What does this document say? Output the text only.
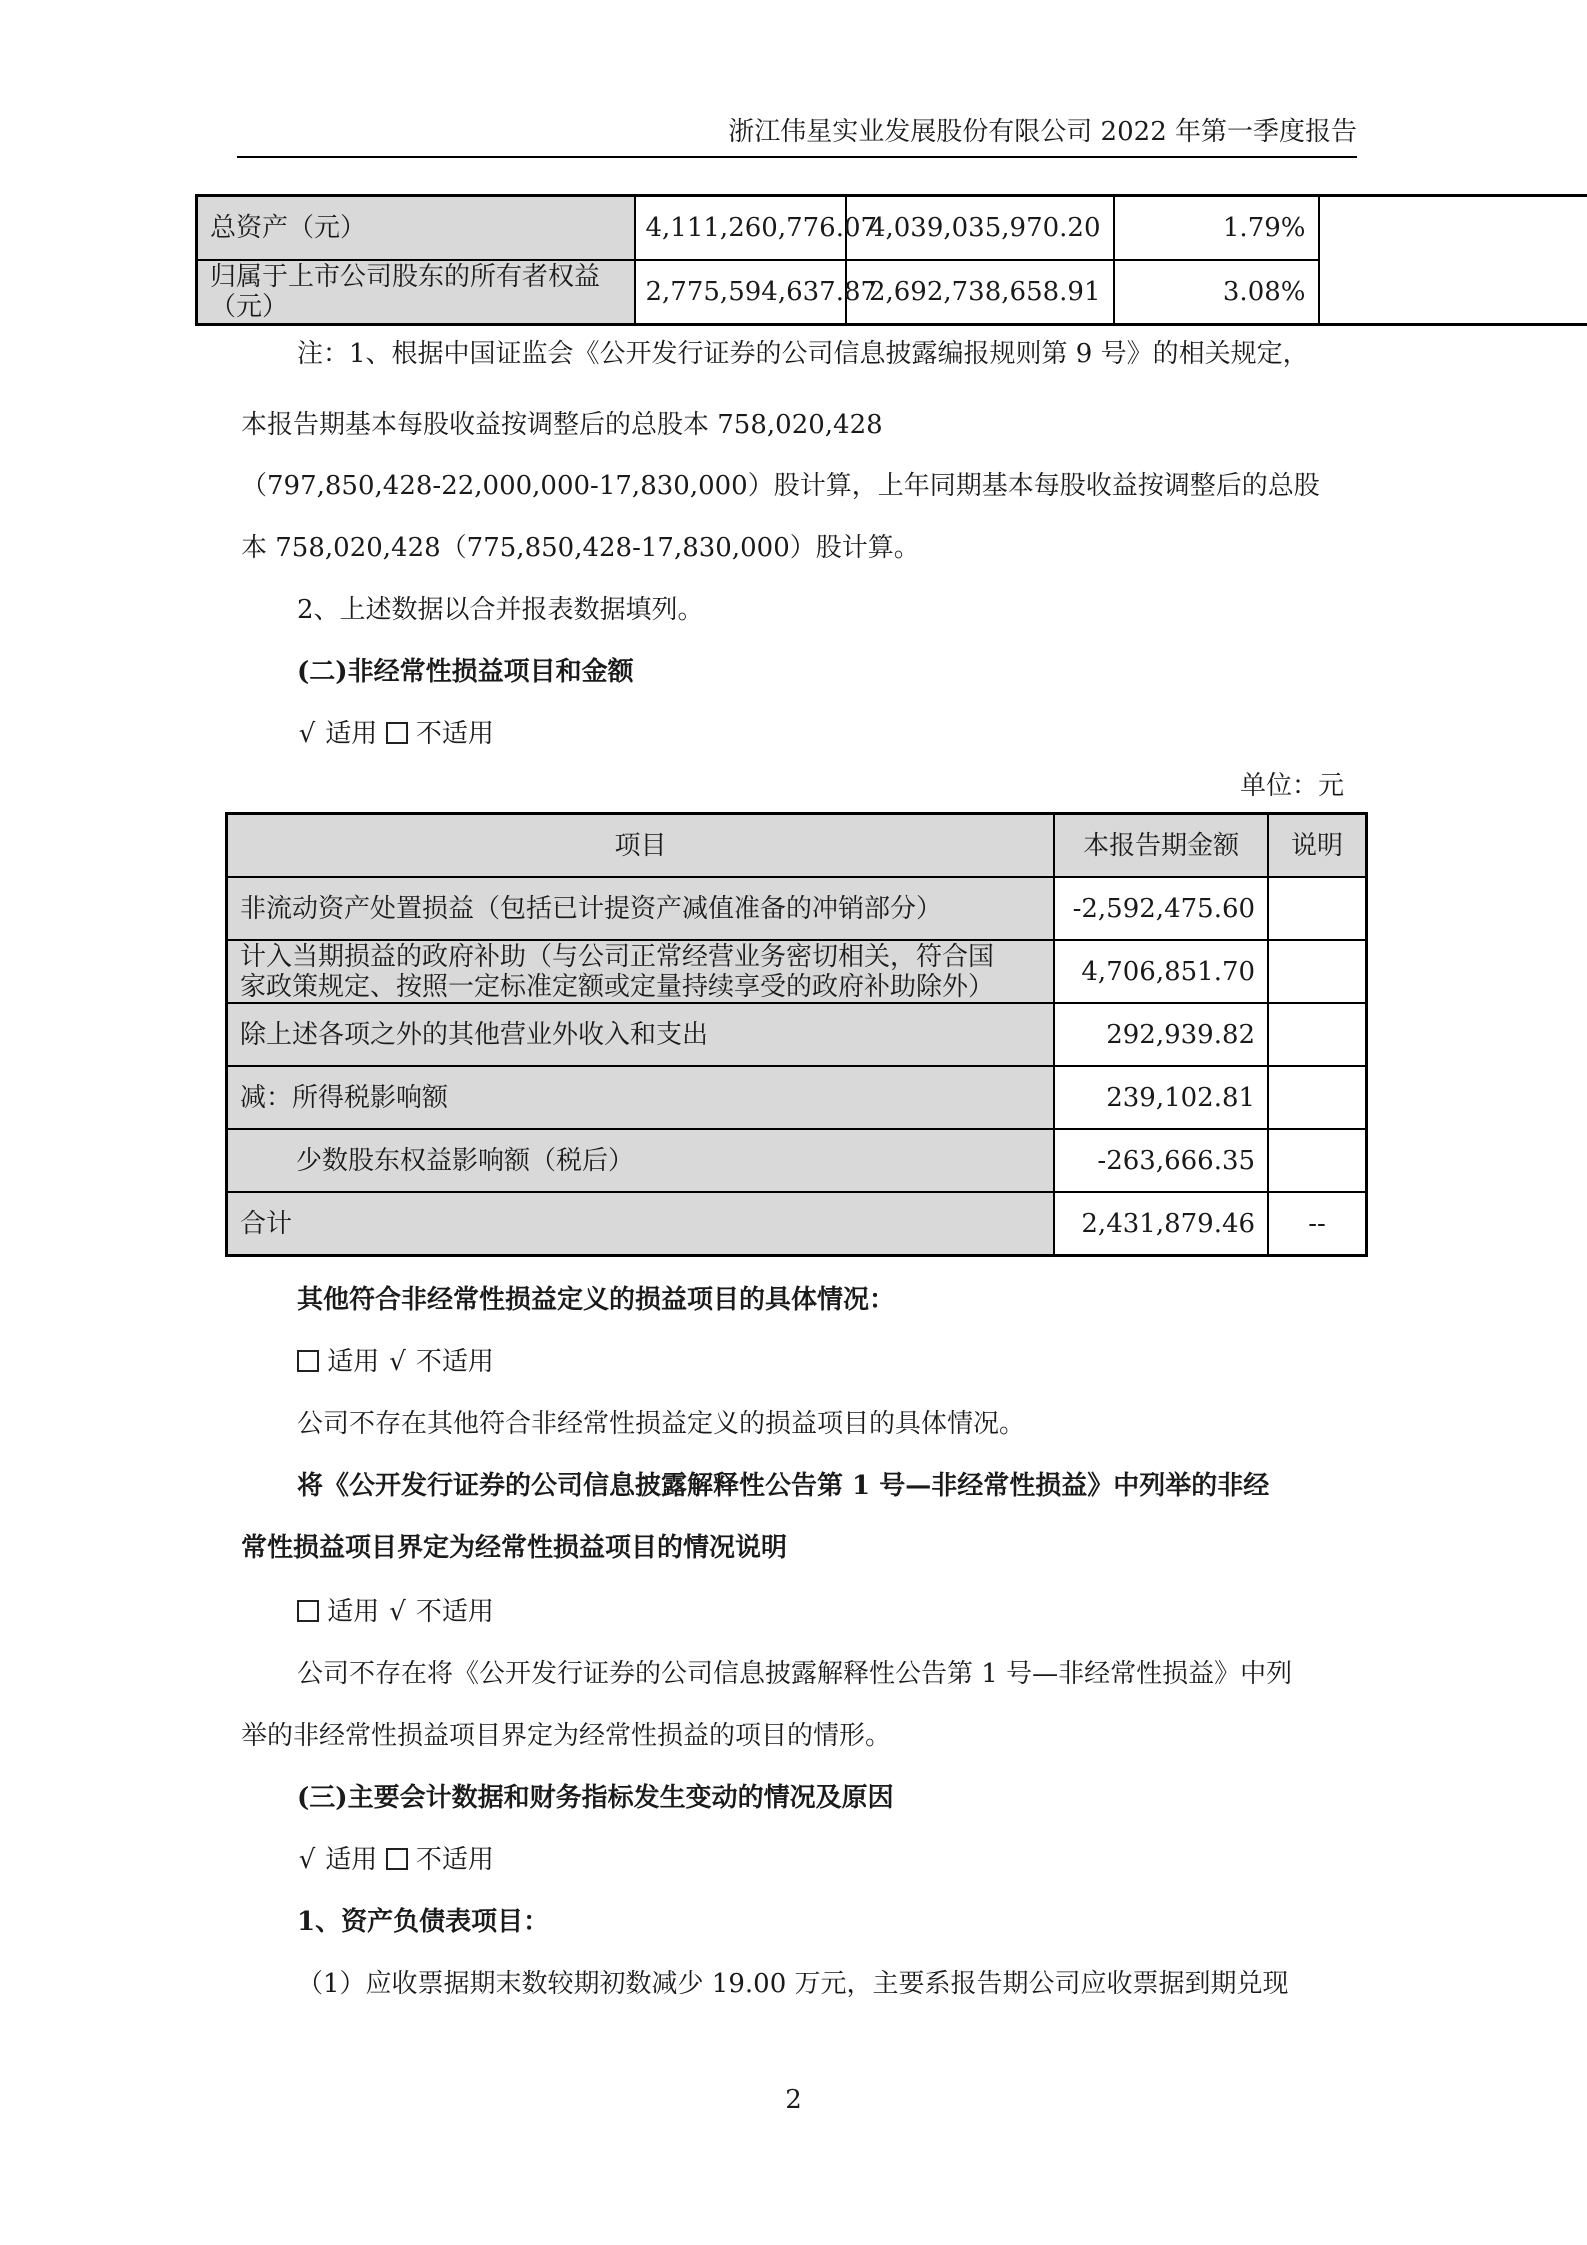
浙江伟星实业发展股份有限公司 2022 年第一季度报告
总资产（元）	4,111,260,776.07	4,039,035,970.20	1.79%

归属于上市公司股东的所有者权益
（元）	2,775,594,637.87	2,692,738,658.91	3.08%
注：1、根据中国证监会《公开发行证券的公司信息披露编报规则第 9 号》的相关规定，
本报告期基本每股收益按调整后的总股本 758,020,428
（797,850,428-22,000,000-17,830,000）股计算，上年同期基本每股收益按调整后的总股
本 758,020,428（775,850,428-17,830,000）股计算。
2、上述数据以合并报表数据填列。
(二)非经常性损益项目和金额
√ 适用 不适用
单位：元
项目	本报告期金额	说明
非流动资产处置损益（包括已计提资产减值准备的冲销部分）	-2,592,475.60	

计入当期损益的政府补助（与公司正常经营业务密切相关，符合国
家政策规定、按照一定标准定额或定量持续享受的政府补助除外）	4,706,851.70	
除上述各项之外的其他营业外收入和支出	292,939.82	
减：所得税影响额	239,102.81	
少数股东权益影响额（税后）	-263,666.35	
合计	2,431,879.46	--
其他符合非经常性损益定义的损益项目的具体情况：
适用 √ 不适用
公司不存在其他符合非经常性损益定义的损益项目的具体情况。
将《公开发行证券的公司信息披露解释性公告第 1 号—非经常性损益》中列举的非经
常性损益项目界定为经常性损益项目的情况说明
适用 √ 不适用
公司不存在将《公开发行证券的公司信息披露解释性公告第 1 号—非经常性损益》中列
举的非经常性损益项目界定为经常性损益的项目的情形。
(三)主要会计数据和财务指标发生变动的情况及原因
√ 适用 不适用
1、资产负债表项目：
（1）应收票据期末数较期初数减少 19.00 万元，主要系报告期公司应收票据到期兑现
2
